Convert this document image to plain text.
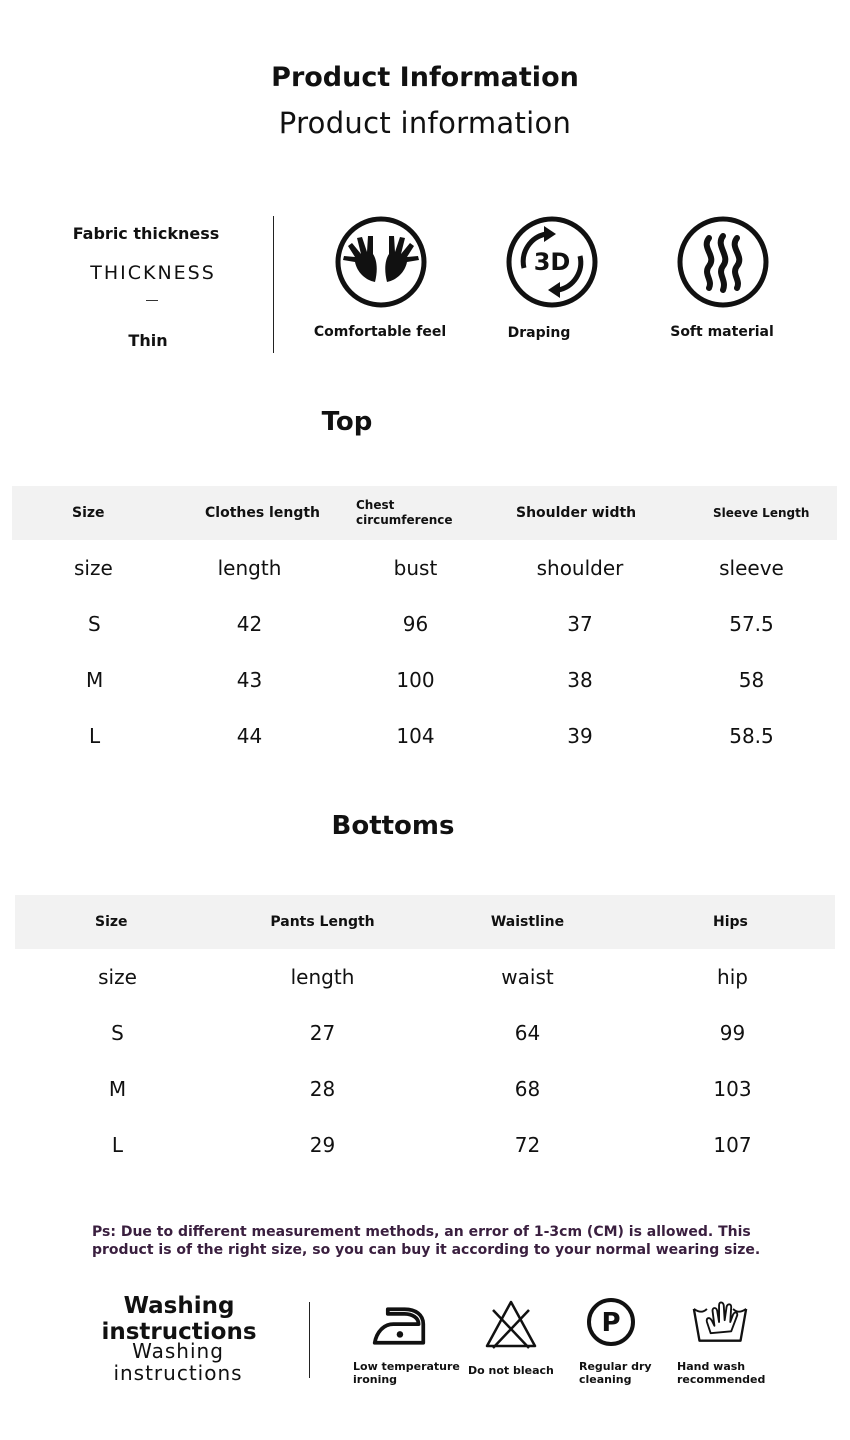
Product Information
Product information
Fabric thickness
THICKNESS
Thin	Comfortable feel
3D
Draping	Soft material
Top
Size	Clothes length	Chest circumference	Shoulder width	Sleeve Length
size	length	bust	shoulder	sleeve
S	42	96	37	57.5
M	43	100	38	58
L	44	104	39	58.5
Bottoms
Size	Pants Length	Waistline	Hips
size	length	waist	hip
S	27	64	99
M	28	68	103
L	29	72	107
Ps: Due to different measurement methods, an error of 1-3cm (CM) is allowed. This product is of the right size, so you can buy it according to your normal wearing size.
Washing instructions
Washing instructions	Low temperature ironing
Do not bleach
P
Regular dry cleaning
Hand wash recommended
